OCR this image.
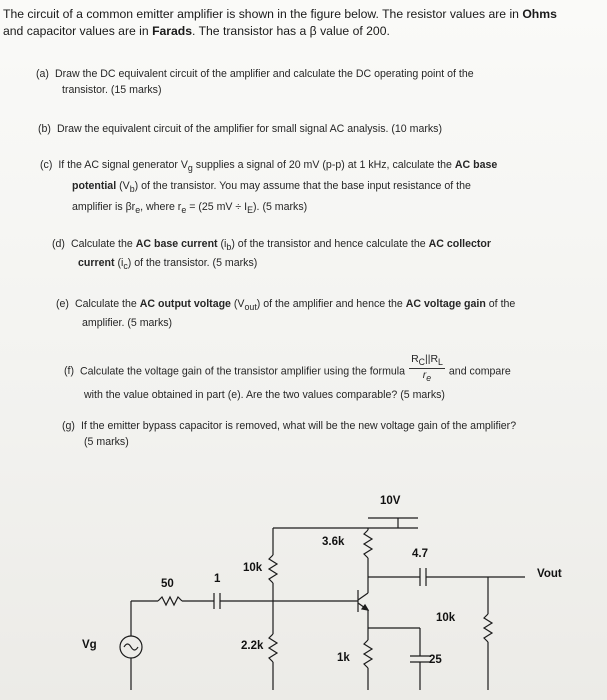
The circuit of a common emitter amplifier is shown in the figure below. The resistor values are in Ohms
and capacitor values are in Farads. The transistor has a β value of 200.
(a) Draw the DC equivalent circuit of the amplifier and calculate the DC operating point of the
transistor. (15 marks)
(b) Draw the equivalent circuit of the amplifier for small signal AC analysis. (10 marks)
(c) If the AC signal generator $V_g$ supplies a signal of 20 mV (p-p) at 1 kHz, calculate the AC base
potential $(V_b)$ of the transistor. You may assume that the base input resistance of the
amplifier is $\beta r_e$, where $r_e = (25$ mV ÷ $I_E$). (5 marks)
(d) Calculate the AC base current $(i_b)$ of the transistor and hence calculate the AC collector
current $(i_c)$ of the transistor. (5 marks)
(e) Calculate the AC output voltage $(V_{out})$ of the amplifier and hence the AC voltage gain of the
amplifier. (5 marks)
(f) Calculate the voltage gain of the transistor amplifier using the formula $\frac{R_C||R_L}{r_e}$ and compare
with the value obtained in part (e). Are the two values comparable? (5 marks)
(g) If the emitter bypass capacitor is removed, what will be the new voltage gain of the amplifier?
(5 marks)
10V
3.6k
10k
2.2k
50	1
4.7
10k
1k	25
Vg
Vout
